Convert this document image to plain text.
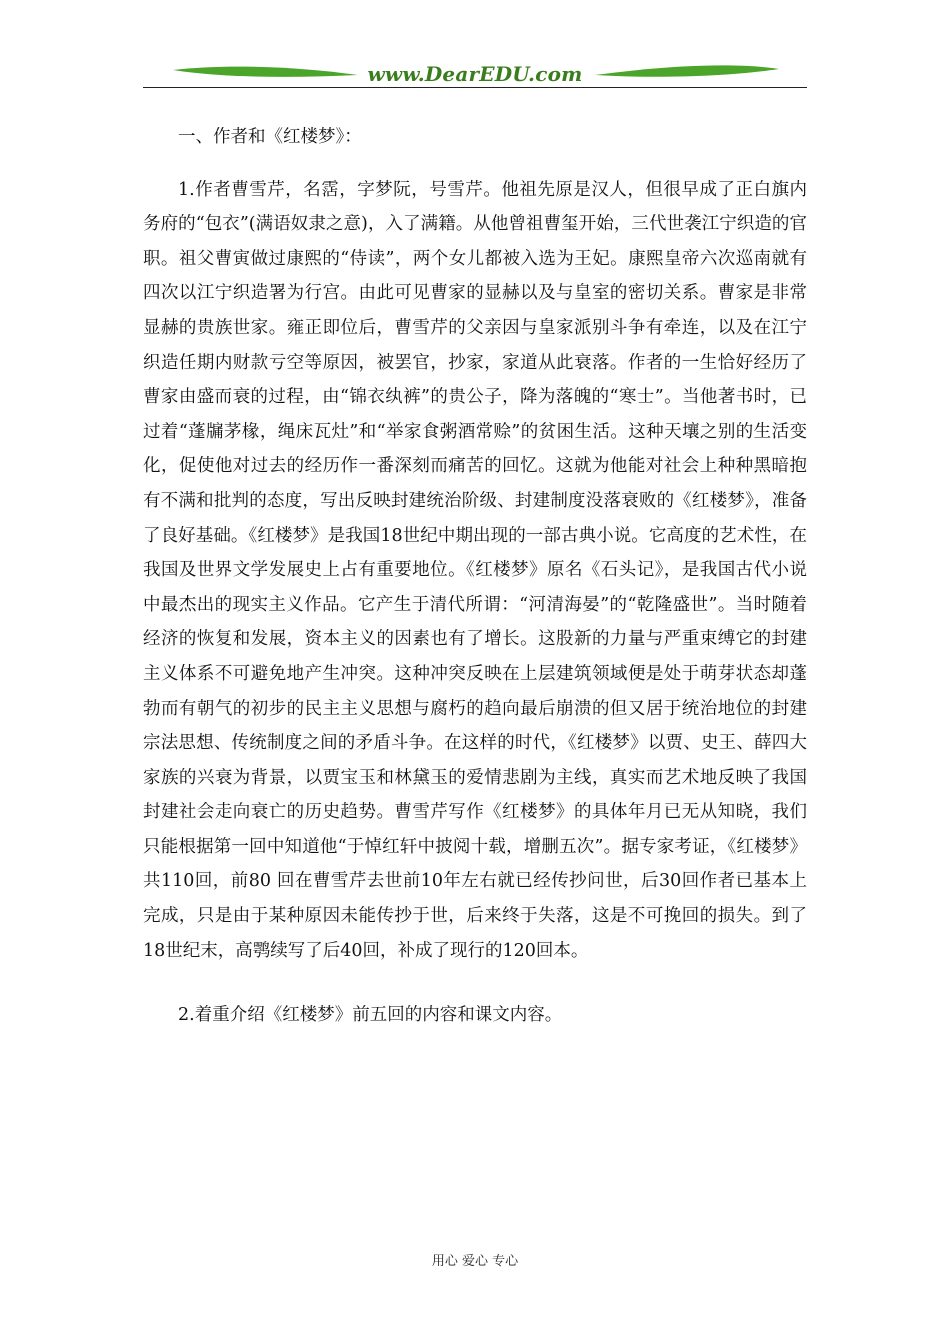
www.DearEDU.com

一、作者和《红楼梦》：

1.作者曹雪芹，名霑，字梦阮，号雪芹。他祖先原是汉人，但很早成了正白旗内务府的“包衣”(满语奴隶之意)，入了满籍。从他曾祖曹玺开始，三代世袭江宁织造的官职。祖父曹寅做过康熙的“侍读”，两个女儿都被入选为王妃。康熙皇帝六次巡南就有四次以江宁织造署为行宫。由此可见曹家的显赫以及与皇室的密切关系。曹家是非常显赫的贵族世家。雍正即位后，曹雪芹的父亲因与皇家派别斗争有牵连，以及在江宁织造任期内财款亏空等原因，被罢官，抄家，家道从此衰落。作者的一生恰好经历了曹家由盛而衰的过程，由“锦衣纨裤”的贵公子，降为落魄的“寒士”。当他著书时，已过着“蓬牖茅椽，绳床瓦灶”和“举家食粥酒常赊”的贫困生活。这种天壤之别的生活变化，促使他对过去的经历作一番深刻而痛苦的回忆。这就为他能对社会上种种黑暗抱有不满和批判的态度，写出反映封建统治阶级、封建制度没落衰败的《红楼梦》，准备了良好基础。《红楼梦》是我国18世纪中期出现的一部古典小说。它高度的艺术性，在我国及世界文学发展史上占有重要地位。《红楼梦》原名《石头记》，是我国古代小说中最杰出的现实主义作品。它产生于清代所谓：“河清海晏”的“乾隆盛世”。当时随着经济的恢复和发展，资本主义的因素也有了增长。这股新的力量与严重束缚它的封建主义体系不可避免地产生冲突。这种冲突反映在上层建筑领域便是处于萌芽状态却蓬勃而有朝气的初步的民主主义思想与腐朽的趋向最后崩溃的但又居于统治地位的封建宗法思想、传统制度之间的矛盾斗争。在这样的时代，《红楼梦》以贾、史王、薛四大家族的兴衰为背景，以贾宝玉和林黛玉的爱情悲剧为主线，真实而艺术地反映了我国封建社会走向衰亡的历史趋势。曹雪芹写作《红楼梦》的具体年月已无从知晓，我们只能根据第一回中知道他“于悼红轩中披阅十载，增删五次”。据专家考证，《红楼梦》共110回，前80 回在曹雪芹去世前10年左右就已经传抄问世，后30回作者已基本上完成，只是由于某种原因未能传抄于世，后来终于失落，这是不可挽回的损失。到了18世纪末，高鹗续写了后40回，补成了现行的120回本。

2.着重介绍《红楼梦》前五回的内容和课文内容。

用心 爱心 专心
